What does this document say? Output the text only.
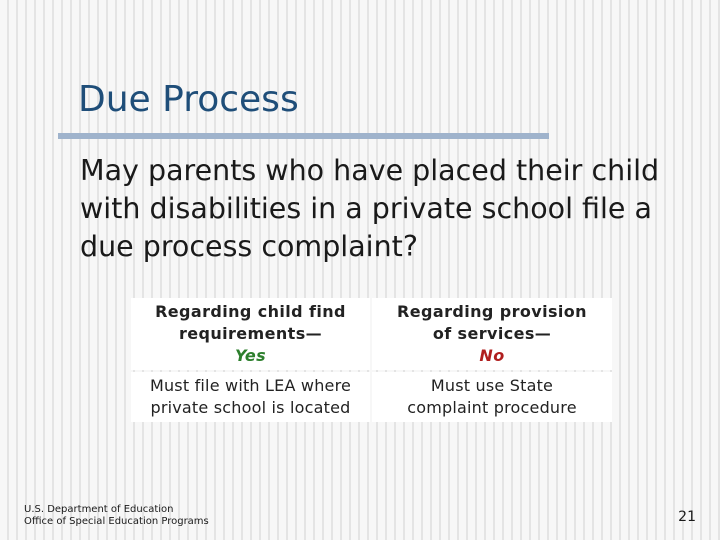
Due Process

May parents who have placed their child with disabilities in a private school file a due process complaint?

Regarding child find
requirements—
Yes
Regarding provision
of services—
No
Must file with LEA where
private school is located
Must use State
complaint procedure
U.S. Department of Education
Office of Special Education Programs	21
